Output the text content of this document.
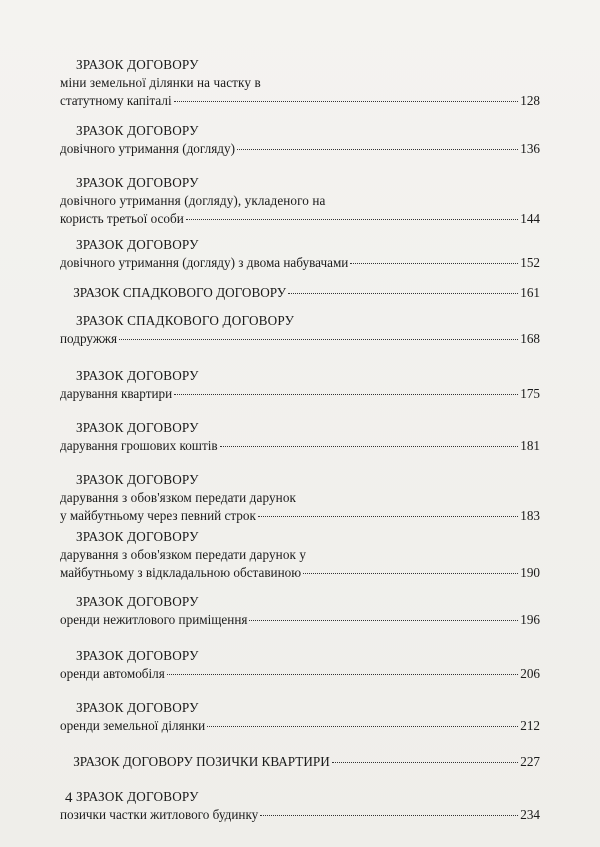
ЗРАЗОК ДОГОВОРУ
міни земельної ділянки на частку в
статутному капіталі	128
ЗРАЗОК ДОГОВОРУ
довічного утримання (догляду)	136
ЗРАЗОК ДОГОВОРУ
довічного утримання (догляду), укладеного на
користь третьої особи	144
ЗРАЗОК ДОГОВОРУ
довічного утримання (догляду) з двома набувачами	152
ЗРАЗОК СПАДКОВОГО ДОГОВОРУ	161
ЗРАЗОК СПАДКОВОГО ДОГОВОРУ
подружжя	168
ЗРАЗОК ДОГОВОРУ
дарування квартири	175
ЗРАЗОК ДОГОВОРУ
дарування грошових коштів	181
ЗРАЗОК ДОГОВОРУ
дарування з обов'язком передати дарунок
у майбутньому через певний строк	183
ЗРАЗОК ДОГОВОРУ
дарування з обов'язком передати дарунок у
майбутньому з відкладальною обставиною	190
ЗРАЗОК ДОГОВОРУ
оренди нежитлового приміщення	196
ЗРАЗОК ДОГОВОРУ
оренди автомобіля	206
ЗРАЗОК ДОГОВОРУ
оренди земельної ділянки	212
ЗРАЗОК ДОГОВОРУ ПОЗИЧКИ КВАРТИРИ	227
ЗРАЗОК ДОГОВОРУ
позички частки житлового будинку	234
4
